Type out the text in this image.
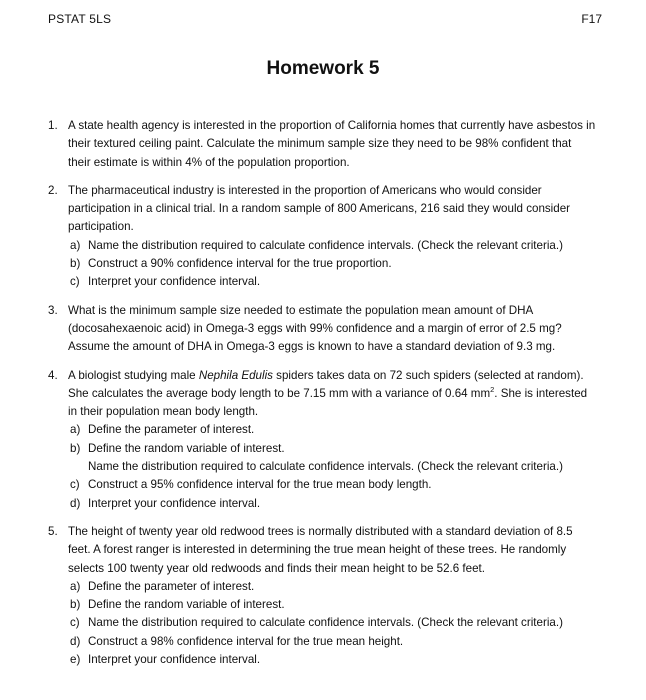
PSTAT 5LS	F17
Homework 5
1. A state health agency is interested in the proportion of California homes that currently have asbestos in their textured ceiling paint. Calculate the minimum sample size they need to be 98% confident that their estimate is within 4% of the population proportion.
2. The pharmaceutical industry is interested in the proportion of Americans who would consider participation in a clinical trial. In a random sample of 800 Americans, 216 said they would consider participation.
a) Name the distribution required to calculate confidence intervals. (Check the relevant criteria.)
b) Construct a 90% confidence interval for the true proportion.
c) Interpret your confidence interval.
3. What is the minimum sample size needed to estimate the population mean amount of DHA (docosahexaenoic acid) in Omega-3 eggs with 99% confidence and a margin of error of 2.5 mg? Assume the amount of DHA in Omega-3 eggs is known to have a standard deviation of 9.3 mg.
4. A biologist studying male Nephila Edulis spiders takes data on 72 such spiders (selected at random). She calculates the average body length to be 7.15 mm with a variance of 0.64 $mm^2$. She is interested in their population mean body length.
a) Define the parameter of interest.
b) Define the random variable of interest.
Name the distribution required to calculate confidence intervals. (Check the relevant criteria.)
c) Construct a 95% confidence interval for the true mean body length.
d) Interpret your confidence interval.
5. The height of twenty year old redwood trees is normally distributed with a standard deviation of 8.5 feet. A forest ranger is interested in determining the true mean height of these trees. He randomly selects 100 twenty year old redwoods and finds their mean height to be 52.6 feet.
a) Define the parameter of interest.
b) Define the random variable of interest.
c) Name the distribution required to calculate confidence intervals. (Check the relevant criteria.)
d) Construct a 98% confidence interval for the true mean height.
e) Interpret your confidence interval.
